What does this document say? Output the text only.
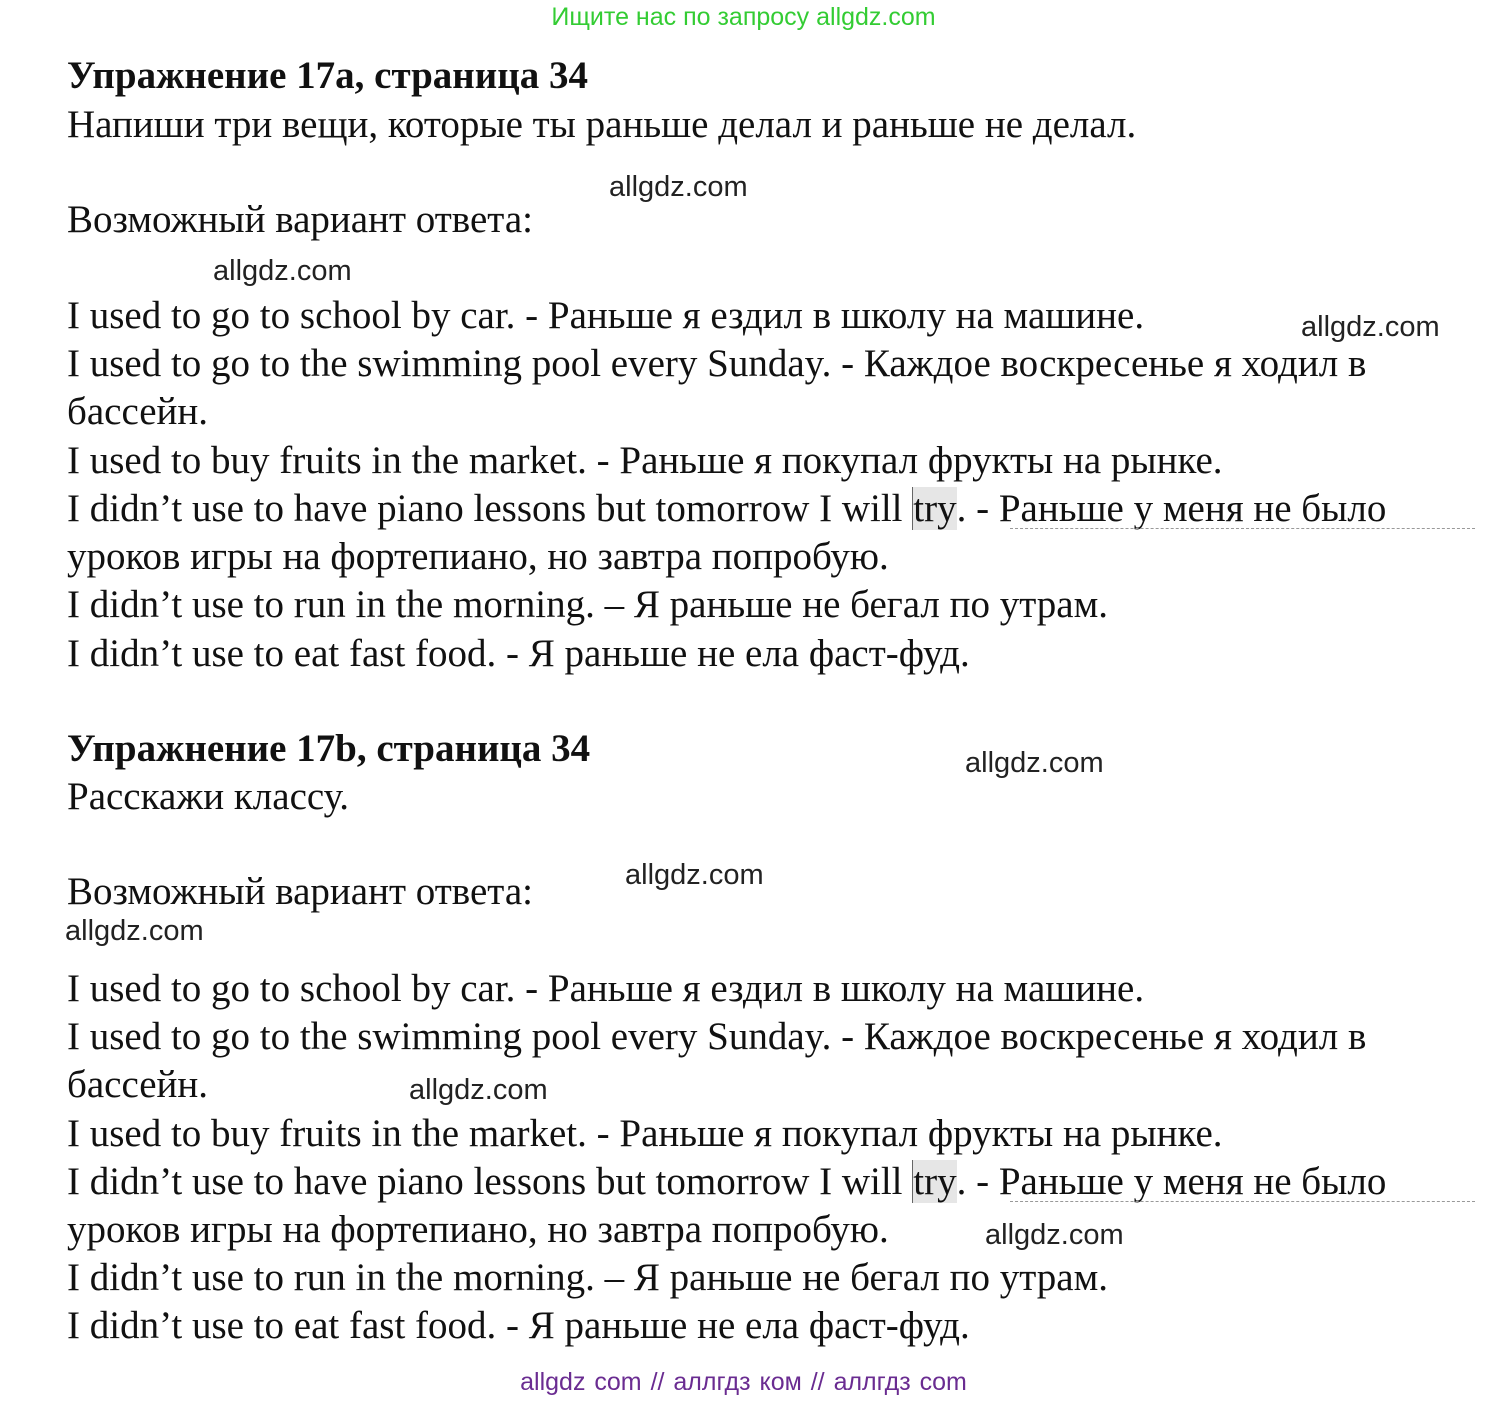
Ищите нас по запросу allgdz.com
Упражнение 17а, страница 34
Напиши три вещи, которые ты раньше делал и раньше не делал.
Возможный вариант ответа:
I used to go to school by car. - Раньше я ездил в школу на машине.
I used to go to the swimming pool every Sunday. - Каждое воскресенье я ходил в
бассейн.
I used to buy fruits in the market. - Раньше я покупал фрукты на рынке.
I didn’t use to have piano lessons but tomorrow I will try. - Раньше у меня не было
уроков игры на фортепиано, но завтра попробую.
I didn’t use to run in the morning. – Я раньше не бегал по утрам.
I didn’t use to eat fast food. - Я раньше не ела фаст-фуд.
Упражнение 17b, страница 34
Расскажи классу.
Возможный вариант ответа:
I used to go to school by car. - Раньше я ездил в школу на машине.
I used to go to the swimming pool every Sunday. - Каждое воскресенье я ходил в
бассейн.
I used to buy fruits in the market. - Раньше я покупал фрукты на рынке.
I didn’t use to have piano lessons but tomorrow I will try. - Раньше у меня не было
уроков игры на фортепиано, но завтра попробую.
I didn’t use to run in the morning. – Я раньше не бегал по утрам.
I didn’t use to eat fast food. - Я раньше не ела фаст-фуд.
allgdz.com
allgdz.com
allgdz.com
allgdz.com
allgdz.com
allgdz.com
allgdz.com
allgdz.com
allgdz com // аллгдз ком // аллгдз com
